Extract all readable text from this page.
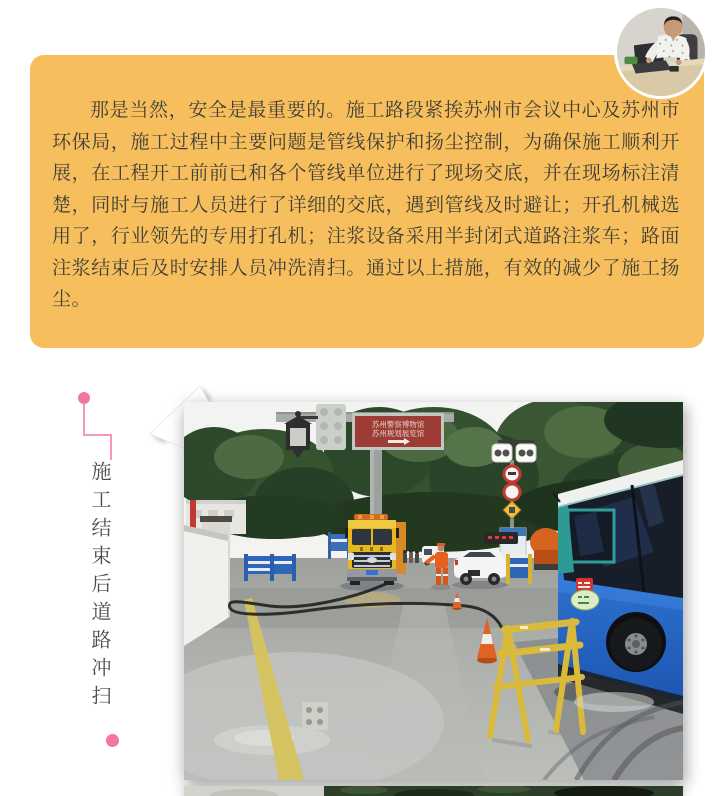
那是当然，安全是最重要的。施工路段紧挨苏州市会议中心及苏州市环保局，施工过程中主要问题是管线保护和扬尘控制，为确保施工顺利开展，在工程开工前前已和各个管线单位进行了现场交底，并在现场标注清楚，同时与施工人员进行了详细的交底，遇到管线及时避让；开孔机械选用了，行业领先的专用打孔机；注浆设备采用半封闭式道路注浆车；路面注浆结束后及时安排人员冲洗清扫。通过以上措施，有效的减少了施工扬尘。

施工结束后道路冲扫
苏州警察博物馆
苏州规划展览馆
